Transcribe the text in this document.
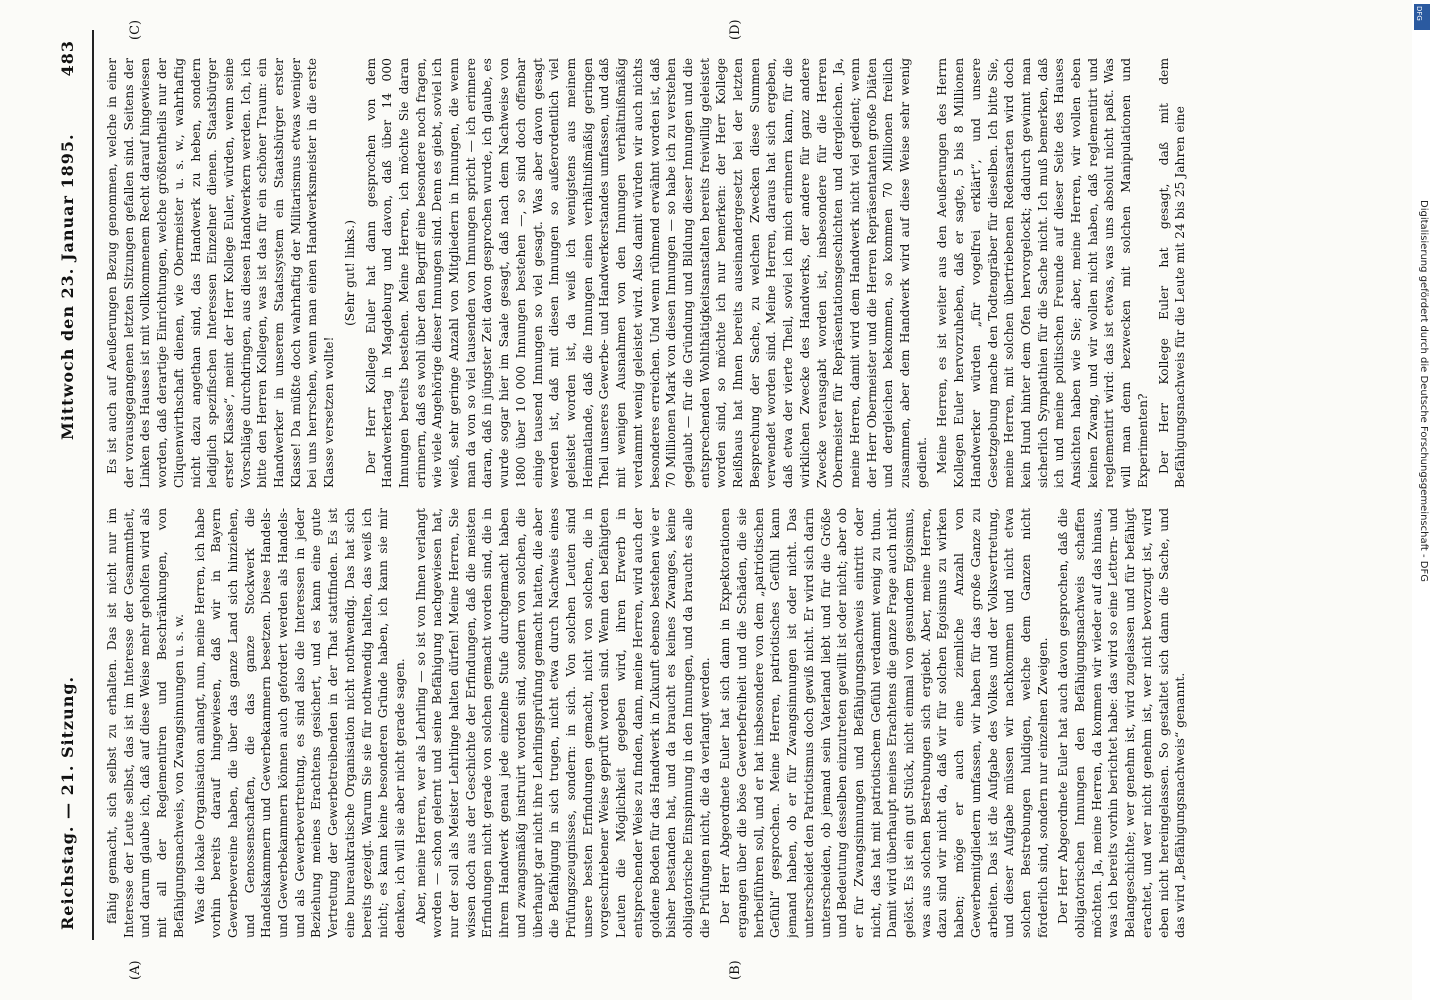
Reichstag. — 21. Sitzung.
Mittwoch den 23. Januar 1895.
483
(A)	(B)
(C)	(D)

fähig gemacht, sich selbst zu erhalten. Das ist nicht nur im Interesse der Leute selbst, das ist im Interesse der Gesammtheit, und darum glaube ich, daß auf diese Weise mehr geholfen wird als mit all der Reglementiren und Beschränkungen, von Befähigungsnachweis, von Zwangsinnungen u. s. w. Was die lokale Organisation anlangt, nun, meine Herren, ich habe vorhin bereits darauf hingewiesen, daß wir in Bayern Gewerbevereine haben, die über das ganze Land sich hinziehen, und Genossenschaften, die das ganze Stockwerk die Handelskammern und Gewerbekammern besetzen. Diese Handels- und Gewerbekammern können auch gefordert werden als Handels- und als Gewerbevertretung, es sind also die Interessen in jeder Beziehung meines Erachtens gesichert, und es kann eine gute Vertretung der Gewerbetreibenden in der That stattfinden. Es ist eine bureaukratische Organisation nicht nothwendig. Das hat sich bereits gezeigt. Warum Sie sie für nothwendig halten, das weiß ich nicht; es kann keine besonderen Gründe haben, ich kann sie mir denken, ich will sie aber nicht gerade sagen. Aber, meine Herren, wer als Lehrling — so ist von Ihnen verlangt worden — schon gelernt und seine Befähigung nachgewiesen hat, nur der soll als Meister Lehrlinge halten dürfen! Meine Herren, Sie wissen doch aus der Geschichte der Erfindungen, daß die meisten Erfindungen nicht gerade von solchen gemacht worden sind, die in ihrem Handwerk genau jede einzelne Stufe durchgemacht haben und zwangsmäßig instruirt worden sind, sondern von solchen, die überhaupt gar nicht ihre Lehrlingsprüfung gemacht hatten, die aber die Befähigung in sich trugen, nicht etwa durch Nachweis eines Prüfungszeugnisses, sondern: in sich. Von solchen Leuten sind unsere besten Erfindungen gemacht, nicht von solchen, die in vorgeschriebener Weise geprüft worden sind. Wenn den befähigten Leuten die Möglichkeit gegeben wird, ihren Erwerb in entsprechender Weise zu finden, dann, meine Herren, wird auch der goldene Boden für das Handwerk in Zukunft ebenso bestehen wie er bisher bestanden hat, und da braucht es keines Zwanges, keine obligatorische Einspinnung in den Innungen, und da braucht es alle die Prüfungen nicht, die da verlangt werden. Der Herr Abgeordnete Euler hat sich dann in Expektorationen ergangen über die böse Gewerbefreiheit und die Schäden, die sie herbeiführen soll, und er hat insbesondere von dem „patriotischen Gefühl“ gesprochen. Meine Herren, patriotisches Gefühl kann jemand haben, ob er für Zwangsinnungen ist oder nicht. Das unterscheidet den Patriotismus doch gewiß nicht. Er wird sich darin unterscheiden, ob jemand sein Vaterland liebt und für die Größe und Bedeutung desselben einzutreten gewillt ist oder nicht; aber ob er für Zwangsinnungen und Befähigungsnachweis eintritt oder nicht, das hat mit patriotischem Gefühl verdammt wenig zu thun. Damit wird überhaupt meines Erachtens die ganze Frage auch nicht gelöst. Es ist ein gut Stück, nicht einmal von gesundem Egoismus, was aus solchen Bestrebungen sich ergiebt. Aber, meine Herren, dazu sind wir nicht da, daß wir für solchen Egoismus zu wirken haben; möge er auch eine ziemliche Anzahl von Gewerbemitgliedern umfassen, wir haben für das große Ganze zu arbeiten. Das ist die Aufgabe des Volkes und der Volksvertretung, und dieser Aufgabe müssen wir nachkommen und nicht etwa solchen Bestrebungen huldigen, welche dem Ganzen nicht förderlich sind, sondern nur einzelnen Zweigen. Der Herr Abgeordnete Euler hat auch davon gesprochen, daß die obligatorischen Innungen den Befähigungsnachweis schaffen möchten. Ja, meine Herren, da kommen wir wieder auf das hinaus, was ich bereits vorhin berichtet habe: das wird so eine Lettern- und Belangeschichte; wer genehm ist, wird zugelassen und für befähigt erachtet, und wer nicht genehm ist, wer nicht bevorzugt ist, wird eben nicht hereingelassen. So gestaltet sich dann die Sache, und das wird „Befähigungsnachweis“ genannt.

Es ist auch auf Aeußerungen Bezug genommen, welche in einer der vorausgegangenen letzten Sitzungen gefallen sind. Seitens der Linken des Hauses ist mit vollkommenem Recht darauf hingewiesen worden, daß derartige Einrichtungen, welche größtentheils nur der Cliquenwirthschaft dienen, wie Obermeister u. s. w., wahrhaftig nicht dazu angethan sind, das Handwerk zu heben, sondern lediglich spezifischen Interessen Einzelner dienen. Staatsbürger erster Klasse“, meint der Herr Kollege Euler, würden, wenn seine Vorschläge durchdringen, aus diesen Handwerkern werden. Ich, ich bitte den Herren Kollegen, was ist das für ein schöner Traum: ein Handwerker in unserem Staatssystem ein Staatsbürger erster Klasse! Da müßte doch wahrhaftig der Militarismus etwas weniger bei uns herrschen, wenn man einen Handwerksmeister in die erste Klasse versetzen wollte!

(Sehr gut! links.) Der Herr Kollege Euler hat dann gesprochen von dem Handwerkertag in Magdeburg und davon, daß über 14 000 Innungen bereits bestehen. Meine Herren, ich möchte Sie daran erinnern, daß es wohl über den Begriff eine besondere noch fragen, wie viele Angehörige dieser Innungen sind. Denn es giebt, soviel ich weiß, sehr geringe Anzahl von Mitgliedern in Innungen, die wenn man da von so viel tausenden von Innungen spricht — ich erinnere daran, daß in jüngster Zeit davon gesprochen wurde, ich glaube, es wurde sogar hier im Saale gesagt, daß nach dem Nachweise von 1800 über 10 000 Innungen bestehen —, so sind doch offenbar einige tausend Innungen so viel gesagt. Was aber davon gesagt werden ist, daß mit diesen Innungen so außerordentlich viel geleistet worden ist, da weiß ich wenigstens aus meinem Heimatlande, daß die Innungen einen verhältnißmäßig geringen Theil unseres Gewerbe- und Handwerkerstandes umfassen, und daß mit wenigen Ausnahmen von den Innungen verhältnißmäßig verdammt wenig geleistet wird. Also damit würden wir auch nichts besonderes erreichen. Und wenn rühmend erwähnt worden ist, daß 70 Millionen Mark von diesen Innungen — so habe ich zu verstehen geglaubt — für die Gründung und Bildung dieser Innungen und die entsprechenden Wohlthätigkeitsanstalten bereits freiwillig geleistet worden sind, so möchte ich nur bemerken: der Herr Kollege Reißhaus hat Ihnen bereits auseinandergesetzt bei der letzten Besprechung der Sache, zu welchen Zwecken diese Summen verwendet worden sind. Meine Herren, daraus hat sich ergeben, daß etwa der vierte Theil, soviel ich mich erinnern kann, für die wirklichen Zwecke des Handwerks, der andere für ganz andere Zwecke verausgabt worden ist, insbesondere für die Herren Obermeister für Repräsentationsgeschichten und dergleichen. Ja, meine Herren, damit wird dem Handwerk nicht viel gedient; wenn der Herr Obermeister und die Herren Repräsentanten große Diäten und dergleichen bekommen, so kommen 70 Millionen freilich zusammen, aber dem Handwerk wird auf diese Weise sehr wenig gedient. Meine Herren, es ist weiter aus den Aeußerungen des Herrn Kollegen Euler hervorzuheben, daß er sagte, 5 bis 8 Millionen Handwerker würden „für vogelfrei erklärt“, und unsere Gesetzgebung mache den Todtengräber für dieselben. Ich bitte Sie, meine Herren, mit solchen übertriebenen Redensarten wird doch kein Hund hinter dem Ofen hervorgelockt; dadurch gewinnt man sicherlich Sympathien für die Sache nicht. Ich muß bemerken, daß ich und meine politischen Freunde auf dieser Seite des Hauses Ansichten haben wie Sie; aber, meine Herren, wir wollen eben keinen Zwang, und wir wollen nicht haben, daß reglementirt und reglementirt wird: das ist etwas, was uns absolut nicht paßt. Was will man denn bezwecken mit solchen Manipulationen und Experimenten? Der Herr Kollege Euler hat gesagt, daß mit dem Befähigungsnachweis für die Leute mit 24 bis 25 Jahren eine

DFG
Digitalisierung gefördert durch die Deutsche Forschungsgemeinschaft - DFG
